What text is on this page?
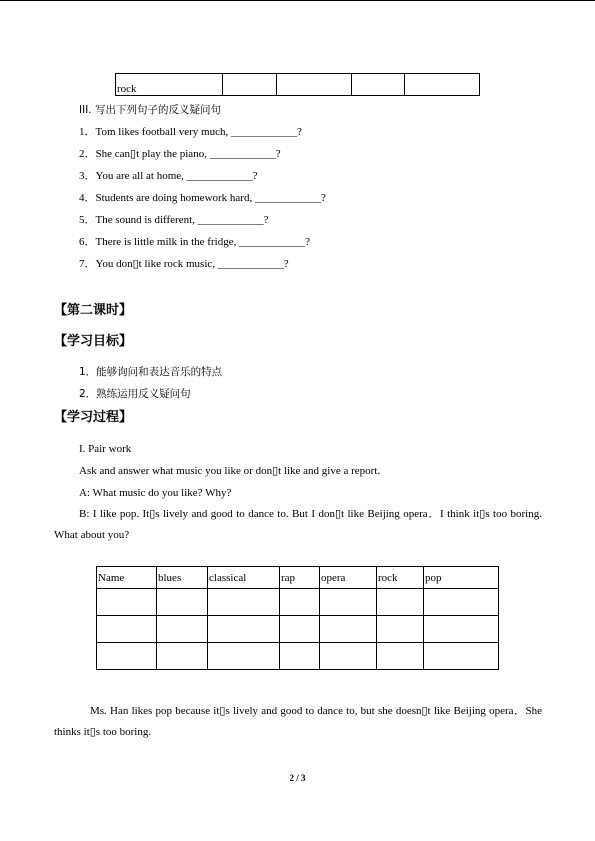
rock				
III. 写出下列句子的反义疑问句
1．Tom likes football very much, ____________?
2．She can▯t play the piano, ____________?
3．You are all at home, ____________?
4．Students are doing homework hard, ____________?
5．The sound is different, ____________?
6．There is little milk in the fridge, ____________?
7．You don▯t like rock music, ____________?
【第二课时】
【学习目标】
1．能够询问和表达音乐的特点
2．熟练运用反义疑问句
【学习过程】
I. Pair work
Ask and answer what music you like or don▯t like and give a report.
A: What music do you like? Why?
B: I like pop. It▯s lively and good to dance to. But I don▯t like Beijing opera．I think it▯s too boring. What about you?
Name	blues	classical	rap	opera	rock	pop

Ms. Han likes pop because it▯s lively and good to dance to, but she doesn▯t like Beijing opera．She thinks it▯s too boring.
2 / 3
